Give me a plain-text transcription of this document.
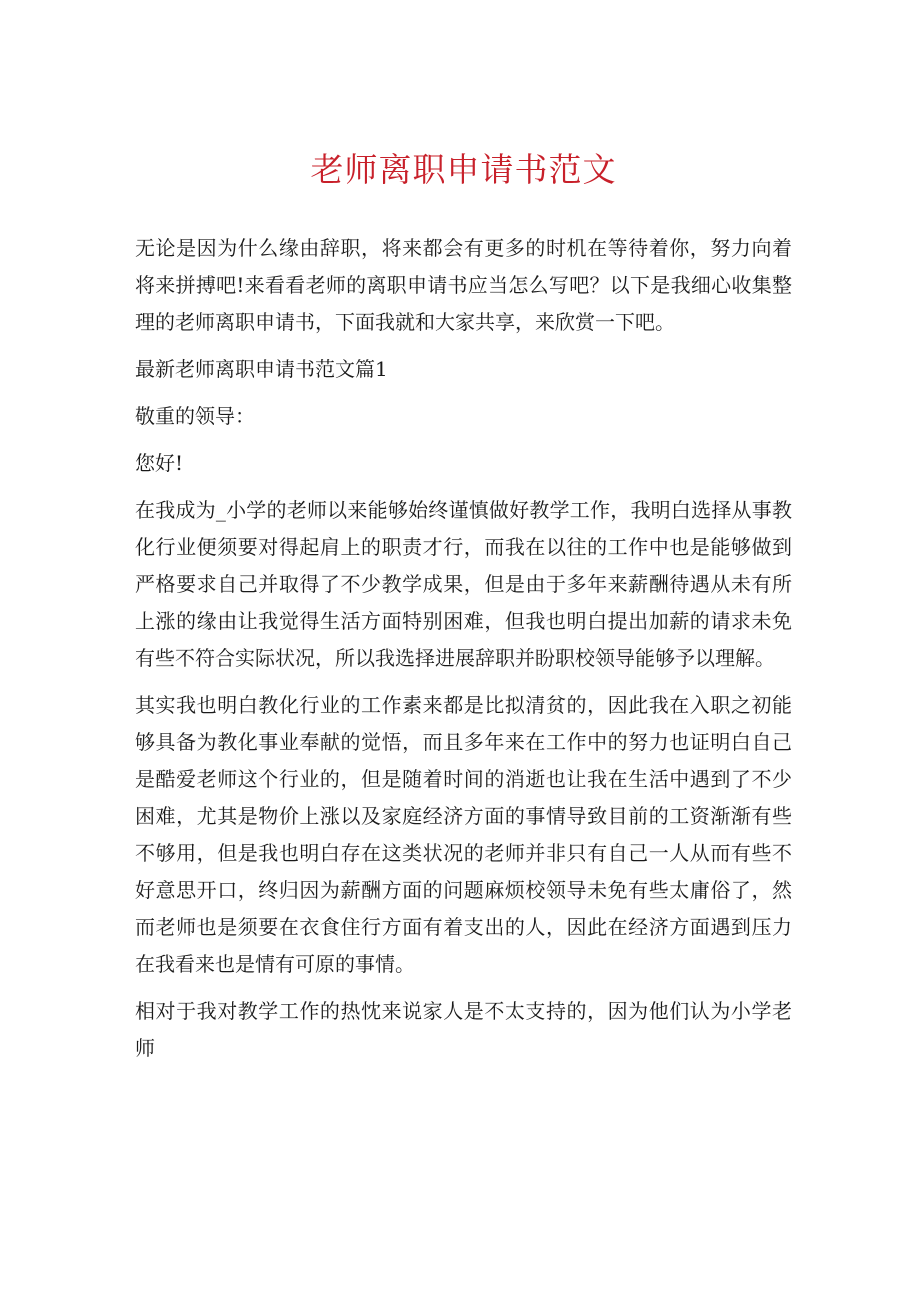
老师离职申请书范文

无论是因为什么缘由辞职，将来都会有更多的时机在等待着你，努力向着将来拼搏吧!来看看老师的离职申请书应当怎么写吧？以下是我细心收集整理的老师离职申请书，下面我就和大家共享，来欣赏一下吧。

最新老师离职申请书范文篇1

敬重的领导：

您好!

在我成为_小学的老师以来能够始终谨慎做好教学工作，我明白选择从事教化行业便须要对得起肩上的职责才行，而我在以往的工作中也是能够做到严格要求自己并取得了不少教学成果，但是由于多年来薪酬待遇从未有所上涨的缘由让我觉得生活方面特别困难，但我也明白提出加薪的请求未免有些不符合实际状况，所以我选择进展辞职并盼职校领导能够予以理解。

其实我也明白教化行业的工作素来都是比拟清贫的，因此我在入职之初能够具备为教化事业奉献的觉悟，而且多年来在工作中的努力也证明白自己是酷爱老师这个行业的，但是随着时间的消逝也让我在生活中遇到了不少困难，尤其是物价上涨以及家庭经济方面的事情导致目前的工资渐渐有些不够用，但是我也明白存在这类状况的老师并非只有自己一人从而有些不好意思开口，终归因为薪酬方面的问题麻烦校领导未免有些太庸俗了，然而老师也是须要在衣食住行方面有着支出的人，因此在经济方面遇到压力在我看来也是情有可原的事情。

相对于我对教学工作的热忱来说家人是不太支持的，因为他们认为小学老师
